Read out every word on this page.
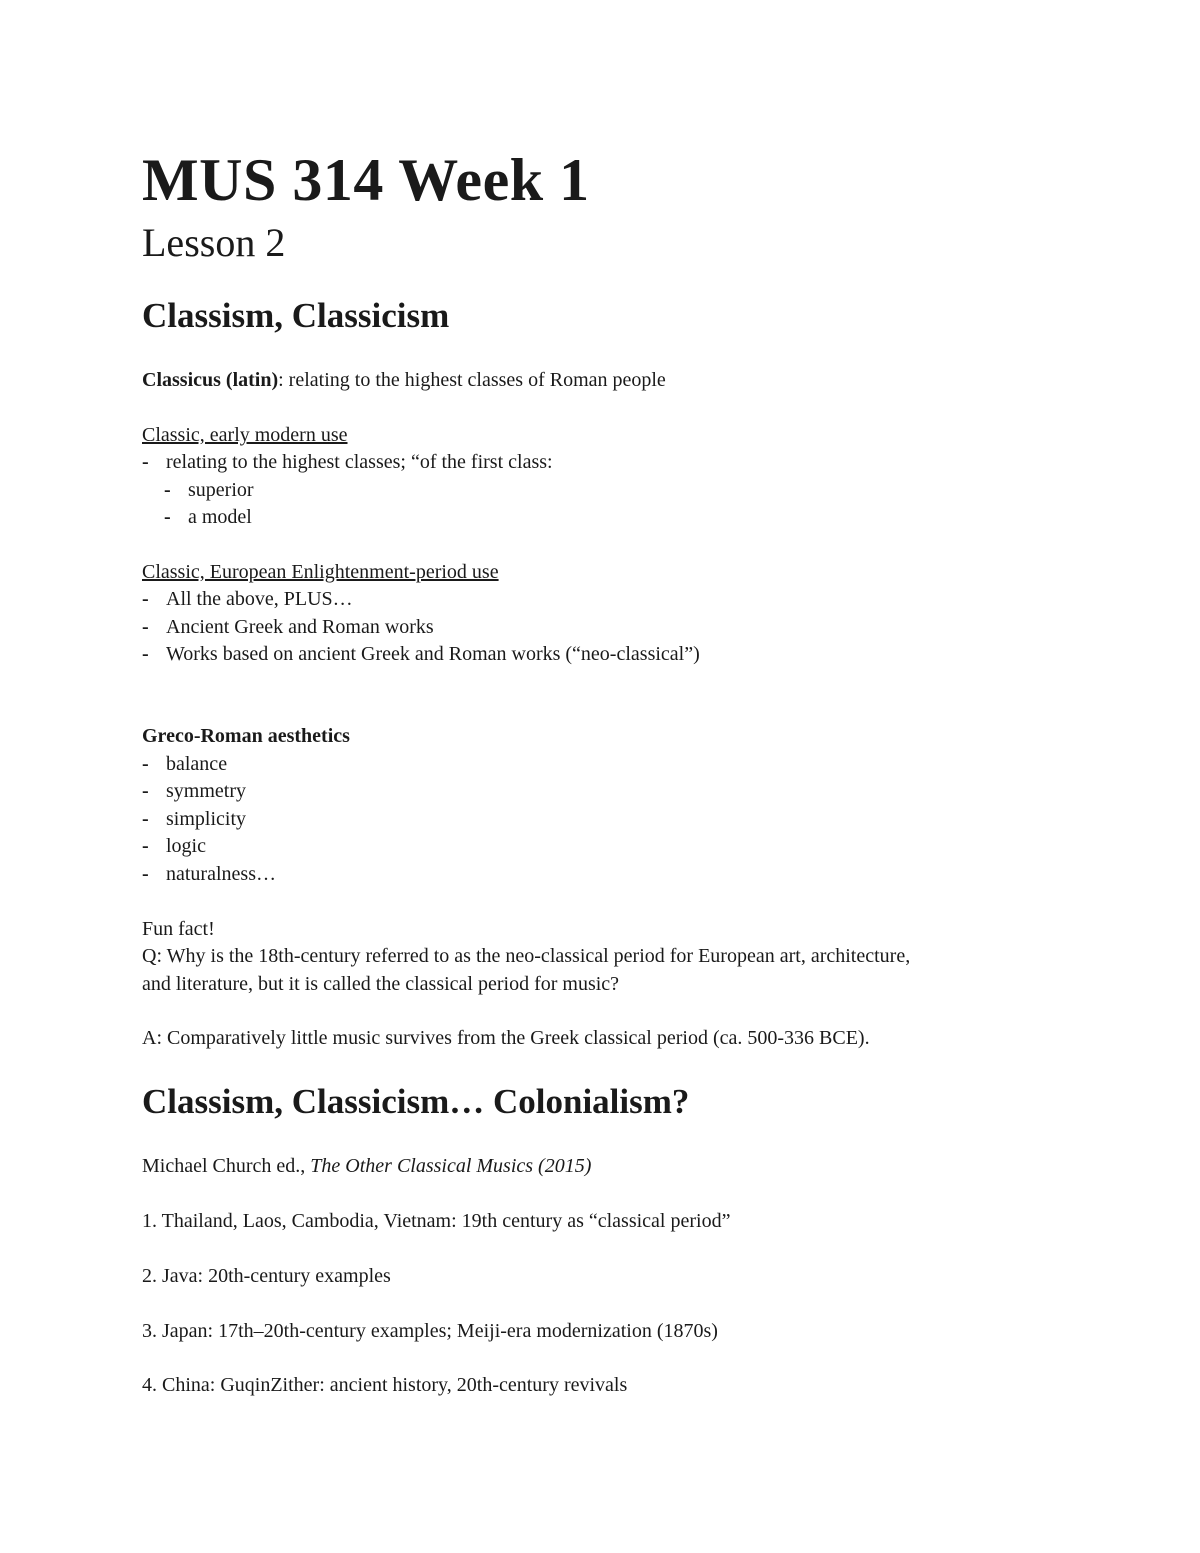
MUS 314 Week 1
Lesson 2
Classism, Classicism
Classicus (latin): relating to the highest classes of Roman people
Classic, early modern use
- relating to the highest classes; “of the first class:
- superior
- a model
Classic, European Enlightenment-period use
- All the above, PLUS…
- Ancient Greek and Roman works
- Works based on ancient Greek and Roman works (“neo-classical”)
Greco-Roman aesthetics
- balance
- symmetry
- simplicity
- logic
- naturalness…
Fun fact!
Q: Why is the 18th-century referred to as the neo-classical period for European art, architecture,
and literature, but it is called the classical period for music?
A: Comparatively little music survives from the Greek classical period (ca. 500-336 BCE).
Classism, Classicism… Colonialism?
Michael Church ed., The Other Classical Musics (2015)
1. Thailand, Laos, Cambodia, Vietnam: 19th century as “classical period”
2. Java: 20th-century examples
3. Japan: 17th–20th-century examples; Meiji-era modernization (1870s)
4. China: GuqinZither: ancient history, 20th-century revivals
